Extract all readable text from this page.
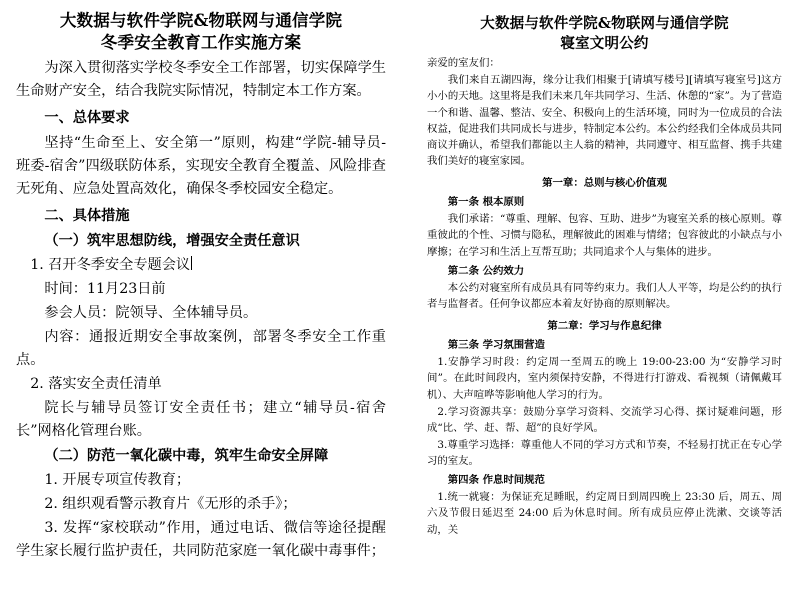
大数据与软件学院&物联网与通信学院
冬季安全教育工作实施方案

为深入贯彻落实学校冬季安全工作部署，切实保障学生生命财产安全，结合我院实际情况，特制定本工作方案。

一、总体要求

坚持“生命至上、安全第一”原则，构建“学院-辅导员-班委-宿舍”四级联防体系，实现安全教育全覆盖、风险排查无死角、应急处置高效化，确保冬季校园安全稳定。

二、具体措施

（一）筑牢思想防线，增强安全责任意识

1. 召开冬季安全专题会议

时间：11月23日前

参会人员：院领导、全体辅导员。

内容：通报近期安全事故案例，部署冬季安全工作重点。

2. 落实安全责任清单

院长与辅导员签订安全责任书；建立“辅导员-宿舍长”网格化管理台账。

（二）防范一氧化碳中毒，筑牢生命安全屏障

1. 开展专项宣传教育；

2. 组织观看警示教育片《无形的杀手》；

3. 发挥“家校联动”作用，通过电话、微信等途径提醒学生家长履行监护责任，共同防范家庭一氧化碳中毒事件；

大数据与软件学院&物联网与通信学院
寝室文明公约

亲爱的室友们：

我们来自五湖四海，缘分让我们相聚于[请填写楼号][请填写寝室号]这方小小的天地。这里将是我们未来几年共同学习、生活、休憩的“家”。为了营造一个和谐、温馨、整洁、安全、积极向上的生活环境，同时为一位成员的合法权益，促进我们共同成长与进步，特制定本公约。本公约经我们全体成员共同商议并确认，希望我们都能以主人翁的精神，共同遵守、相互监督、携手共建我们美好的寝室家园。

第一章：总则与核心价值观

第一条 根本原则

我们承诺：“尊重、理解、包容、互助、进步”为寝室关系的核心原则。尊重彼此的个性、习惯与隐私，理解彼此的困难与情绪；包容彼此的小缺点与小摩擦；在学习和生活上互帮互助；共同追求个人与集体的进步。

第二条 公约效力

本公约对寝室所有成员具有同等约束力。我们人人平等，均是公约的执行者与监督者。任何争议都应本着友好协商的原则解决。

第二章：学习与作息纪律

第三条 学习氛围营造

1.安静学习时段：约定周一至周五的晚上 19:00-23:00 为“安静学习时间”。在此时间段内，室内须保持安静，不得进行打游戏、看视频（请佩戴耳机）、大声喧哗等影响他人学习的行为。

2.学习资源共享：鼓励分享学习资料、交流学习心得、探讨疑难问题，形成“比、学、赶、帮、超”的良好学风。

3.尊重学习选择：尊重他人不同的学习方式和节奏，不轻易打扰正在专心学习的室友。

第四条 作息时间规范

1.统一就寝：为保证充足睡眠，约定周日到周四晚上 23:30 后，周五、周六及节假日延迟至 24:00 后为休息时间。所有成员应停止洗漱、交谈等活动，关
